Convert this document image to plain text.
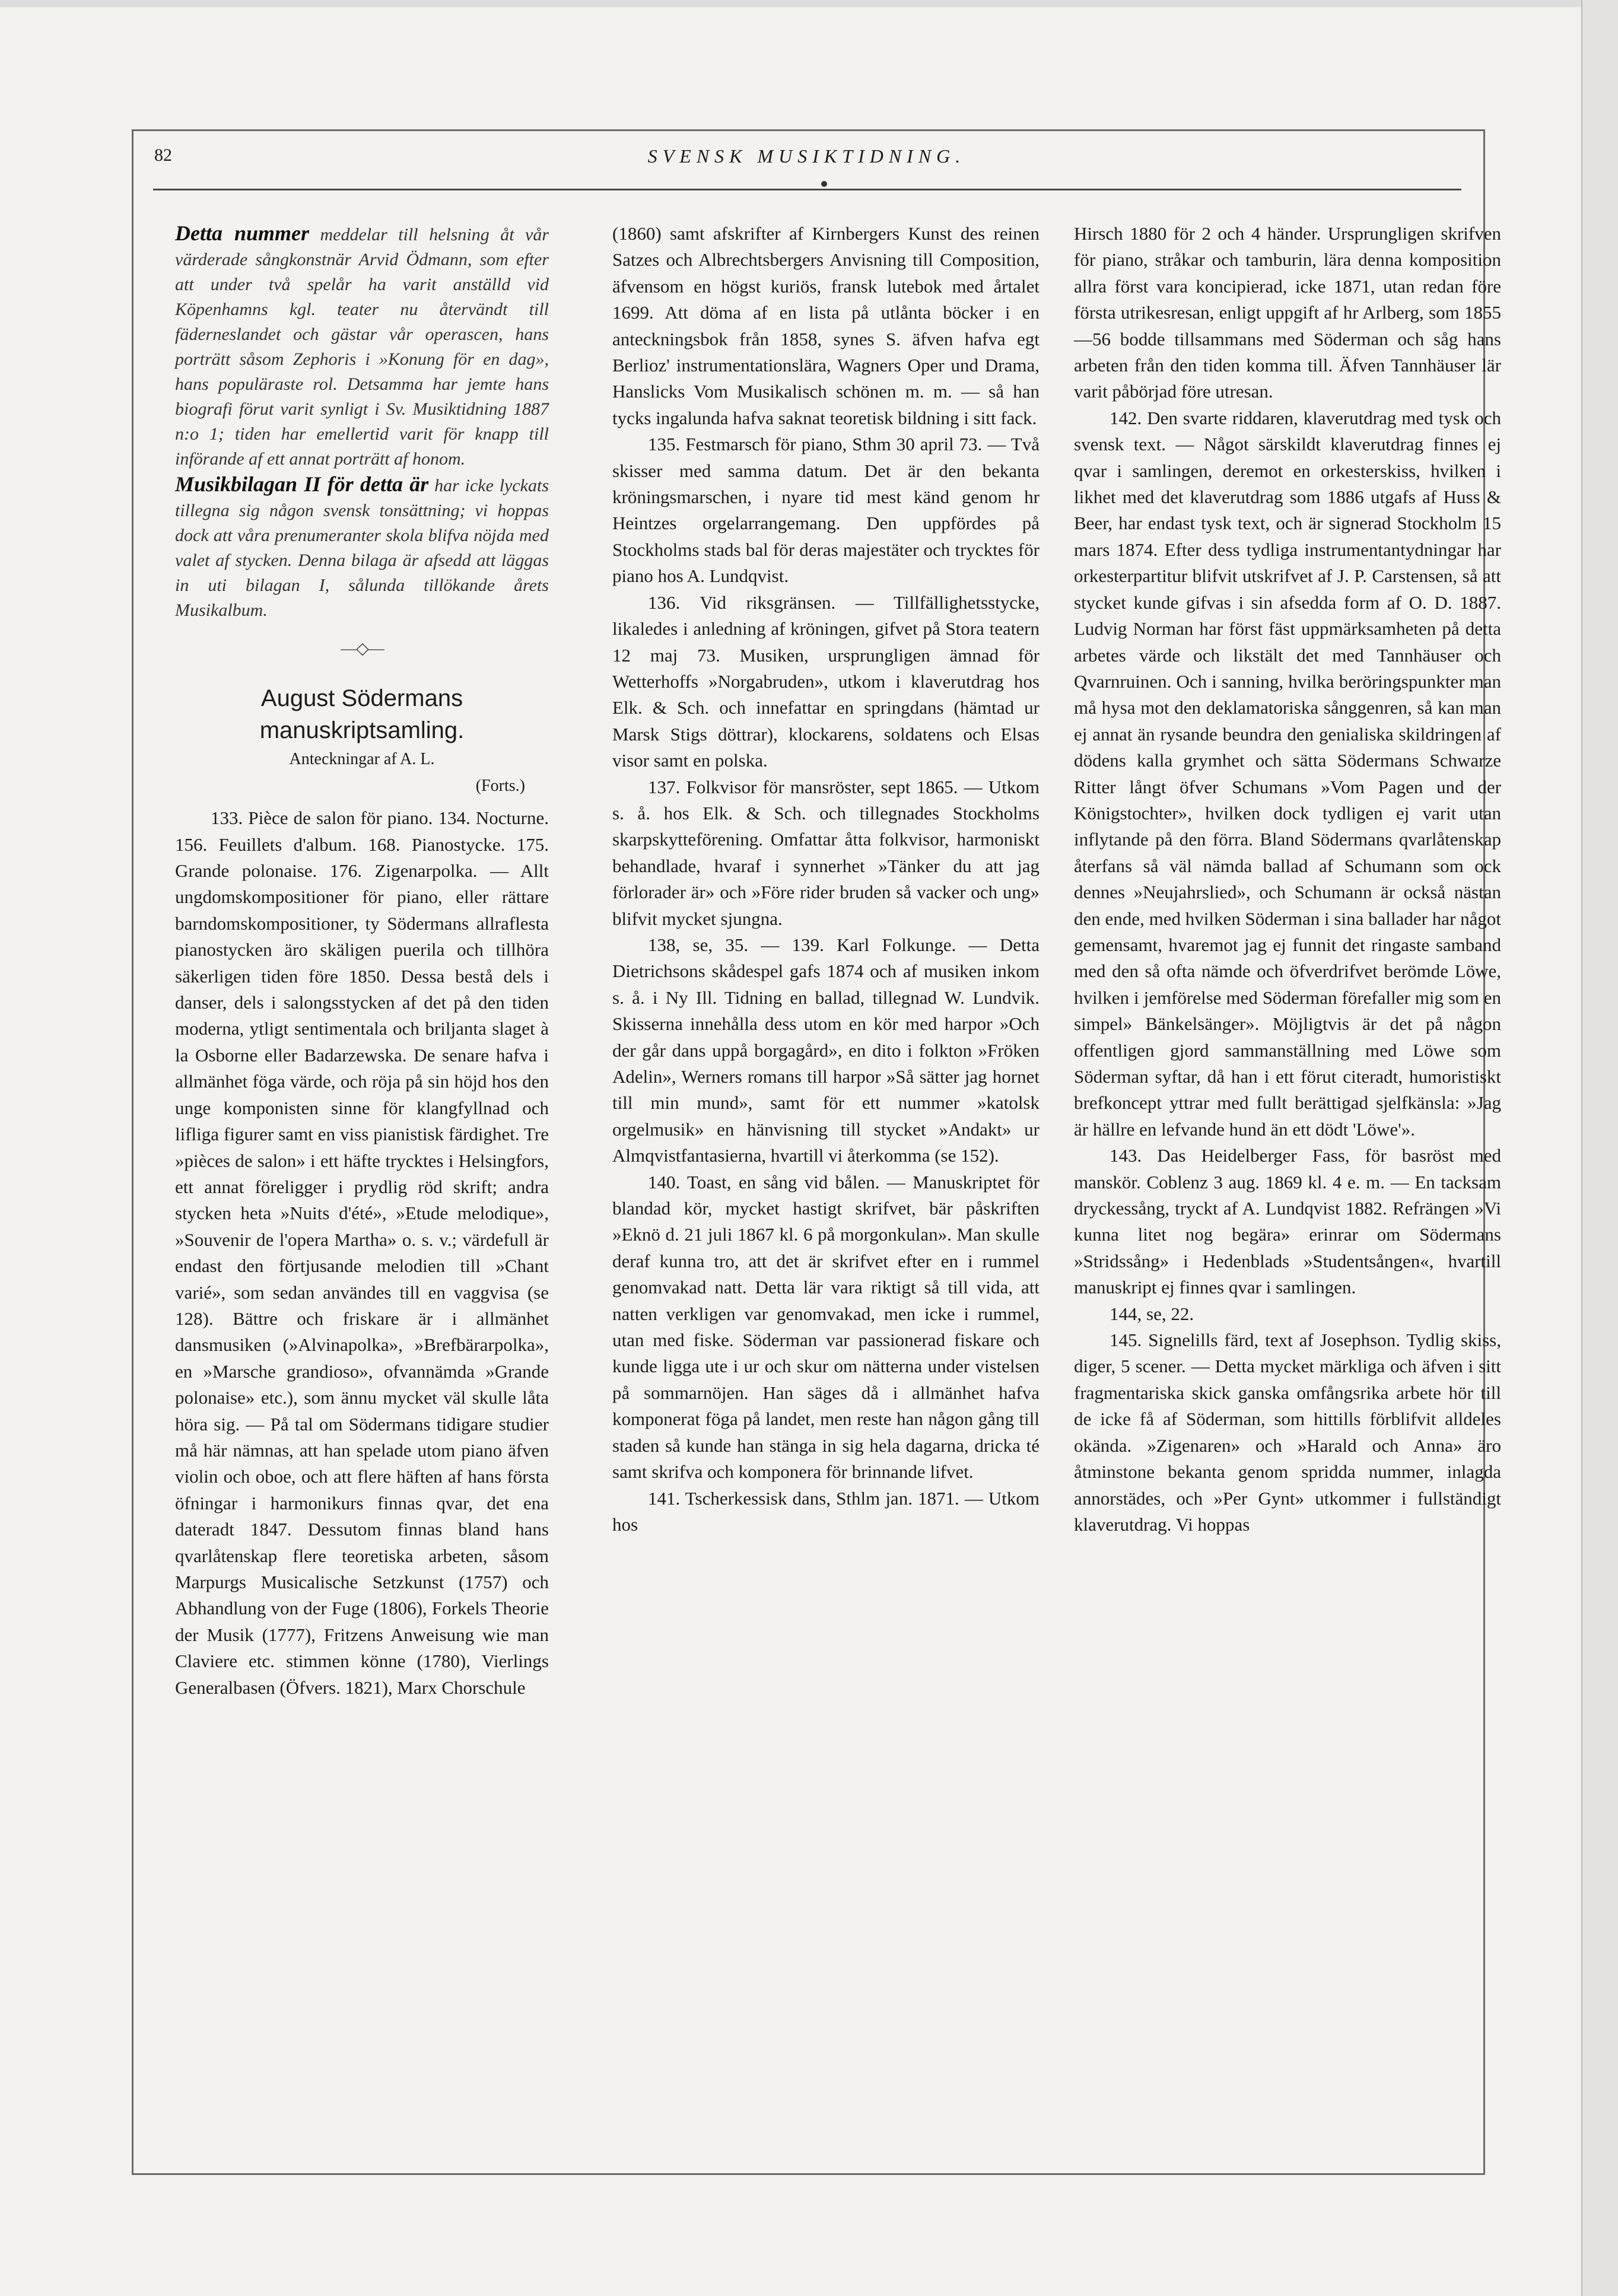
82	SVENSK MUSIKTIDNING.

Detta nummer meddelar till helsning åt vår värderade sångkonstnär Arvid Ödmann, som efter att under två spelår ha varit anställd vid Köpenhamns kgl. teater nu återvändt till fäderneslandet och gästar vår operascen, hans porträtt såsom Zephoris i »Konung för en dag», hans populäraste rol. Detsamma har jemte hans biografi förut varit synligt i Sv. Musiktidning 1887 n:o 1; tiden har emellertid varit för knapp till införande af ett annat porträtt af honom.

Musikbilagan II för detta är har icke lyckats tillegna sig någon svensk tonsättning; vi hoppas dock att våra prenumeranter skola blifva nöjda med valet af stycken. Denna bilaga är afsedd att läggas in uti bilagan I, sålunda tillökande årets Musikalbum.

—◇—

August Södermans manuskriptsamling.

Anteckningar af A. L.

(Forts.)

133. Pièce de salon för piano. 134. Nocturne. 156. Feuillets d'album. 168. Pianostycke. 175. Grande polonaise. 176. Zigenarpolka. — Allt ungdomskompositioner för piano, eller rättare barndomskompositioner, ty Södermans allraflesta pianostycken äro skäligen puerila och tillhöra säkerligen tiden före 1850. Dessa bestå dels i danser, dels i salongsstycken af det på den tiden moderna, ytligt sentimentala och briljanta slaget à la Osborne eller Badarzewska. De senare hafva i allmänhet föga värde, och röja på sin höjd hos den unge komponisten sinne för klangfyllnad och lifliga figurer samt en viss pianistisk färdighet. Tre »pièces de salon» i ett häfte trycktes i Helsingfors, ett annat föreligger i prydlig röd skrift; andra stycken heta »Nuits d'été», »Etude melodique», »Souvenir de l'opera Martha» o. s. v.; värdefull är endast den förtjusande melodien till »Chant varié», som sedan användes till en vaggvisa (se 128). Bättre och friskare är i allmänhet dansmusiken (»Alvinapolka», »Brefbärarpolka», en »Marsche grandioso», ofvannämda »Grande polonaise» etc.), som ännu mycket väl skulle låta höra sig. — På tal om Södermans tidigare studier må här nämnas, att han spelade utom piano äfven violin och oboe, och att flere häften af hans första öfningar i harmonikurs finnas qvar, det ena dateradt 1847. Dessutom finnas bland hans qvarlåtenskap flere teoretiska arbeten, såsom Marpurgs Musicalische Setzkunst (1757) och Abhandlung von der Fuge (1806), Forkels Theorie der Musik (1777), Fritzens Anweisung wie man Claviere etc. stimmen könne (1780), Vierlings Generalbasen (Öfvers. 1821), Marx Chorschule

(1860) samt afskrifter af Kirnbergers Kunst des reinen Satzes och Albrechtsbergers Anvisning till Composition, äfvensom en högst kuriös, fransk lutebok med årtalet 1699. Att döma af en lista på utlånta böcker i en anteckningsbok från 1858, synes S. äfven hafva egt Berlioz' instrumentationslära, Wagners Oper und Drama, Hanslicks Vom Musikalisch schönen m. m. — så han tycks ingalunda hafva saknat teoretisk bildning i sitt fack.

135. Festmarsch för piano, Sthm 30 april 73. — Två skisser med samma datum. Det är den bekanta kröningsmarschen, i nyare tid mest känd genom hr Heintzes orgelarrangemang. Den uppfördes på Stockholms stads bal för deras majestäter och trycktes för piano hos A. Lundqvist.

136. Vid riksgränsen. — Tillfällighetsstycke, likaledes i anledning af kröningen, gifvet på Stora teatern 12 maj 73. Musiken, ursprungligen ämnad för Wetterhoffs »Norgabruden», utkom i klaverutdrag hos Elk. & Sch. och innefattar en springdans (hämtad ur Marsk Stigs döttrar), klockarens, soldatens och Elsas visor samt en polska.

137. Folkvisor för mansröster, sept 1865. — Utkom s. å. hos Elk. & Sch. och tillegnades Stockholms skarpskytteförening. Omfattar åtta folkvisor, harmoniskt behandlade, hvaraf i synnerhet »Tänker du att jag förlorader är» och »Före rider bruden så vacker och ung» blifvit mycket sjungna.

138, se, 35. — 139. Karl Folkunge. — Detta Dietrichsons skådespel gafs 1874 och af musiken inkom s. å. i Ny Ill. Tidning en ballad, tillegnad W. Lundvik. Skisserna innehålla dess utom en kör med harpor »Och der går dans uppå borgagård», en dito i folkton »Fröken Adelin», Werners romans till harpor »Så sätter jag hornet till min mund», samt för ett nummer »katolsk orgelmusik» en hänvisning till stycket »Andakt» ur Almqvistfantasierna, hvartill vi återkomma (se 152).

140. Toast, en sång vid bålen. — Manuskriptet för blandad kör, mycket hastigt skrifvet, bär påskriften »Eknö d. 21 juli 1867 kl. 6 på morgonkulan». Man skulle deraf kunna tro, att det är skrifvet efter en i rummel genomvakad natt. Detta lär vara riktigt så till vida, att natten verkligen var genomvakad, men icke i rummel, utan med fiske. Söderman var passionerad fiskare och kunde ligga ute i ur och skur om nätterna under vistelsen på sommarnöjen. Han säges då i allmänhet hafva komponerat föga på landet, men reste han någon gång till staden så kunde han stänga in sig hela dagarna, dricka té samt skrifva och komponera för brinnande lifvet.

141. Tscherkessisk dans, Sthlm jan. 1871. — Utkom hos

Hirsch 1880 för 2 och 4 händer. Ursprungligen skrifven för piano, stråkar och tamburin, lära denna komposition allra först vara koncipierad, icke 1871, utan redan före första utrikesresan, enligt uppgift af hr Arlberg, som 1855 —56 bodde tillsammans med Söderman och såg hans arbeten från den tiden komma till. Äfven Tannhäuser lär varit påbörjad före utresan.

142. Den svarte riddaren, klaverutdrag med tysk och svensk text. — Något särskildt klaverutdrag finnes ej qvar i samlingen, deremot en orkesterskiss, hvilken i likhet med det klaverutdrag som 1886 utgafs af Huss & Beer, har endast tysk text, och är signerad Stockholm 15 mars 1874. Efter dess tydliga instrumentantydningar har orkesterpartitur blifvit utskrifvet af J. P. Carstensen, så att stycket kunde gifvas i sin afsedda form af O. D. 1887. Ludvig Norman har först fäst uppmärksamheten på detta arbetes värde och likstält det med Tannhäuser och Qvarnruinen. Och i sanning, hvilka beröringspunkter man må hysa mot den deklamatoriska sånggenren, så kan man ej annat än rysande beundra den genialiska skildringen af dödens kalla grymhet och sätta Södermans Schwarze Ritter långt öfver Schumans »Vom Pagen und der Königstochter», hvilken dock tydligen ej varit utan inflytande på den förra. Bland Södermans qvarlåtenskap återfans så väl nämda ballad af Schumann som ock dennes »Neujahrslied», och Schumann är också nästan den ende, med hvilken Söderman i sina ballader har något gemensamt, hvaremot jag ej funnit det ringaste samband med den så ofta nämde och öfverdrifvet berömde Löwe, hvilken i jemförelse med Söderman förefaller mig som en simpel» Bänkelsänger». Möjligtvis är det på någon offentligen gjord sammanställning med Löwe som Söderman syftar, då han i ett förut citeradt, humoristiskt brefkoncept yttrar med fullt berättigad sjelfkänsla: »Jag är hällre en lefvande hund än ett dödt 'Löwe'».

143. Das Heidelberger Fass, för basröst med manskör. Coblenz 3 aug. 1869 kl. 4 e. m. — En tacksam dryckessång, tryckt af A. Lundqvist 1882. Refrängen »Vi kunna litet nog begära» erinrar om Södermans »Stridssång» i Hedenblads »Studentsången«, hvartill manuskript ej finnes qvar i samlingen.

144, se, 22.

145. Signelills färd, text af Josephson. Tydlig skiss, diger, 5 scener. — Detta mycket märkliga och äfven i sitt fragmentariska skick ganska omfångsrika arbete hör till de icke få af Söderman, som hittills förblifvit alldeles okända. »Zigenaren» och »Harald och Anna» äro åtminstone bekanta genom spridda nummer, inlagda annorstädes, och »Per Gynt» utkommer i fullständigt klaverutdrag. Vi hoppas
